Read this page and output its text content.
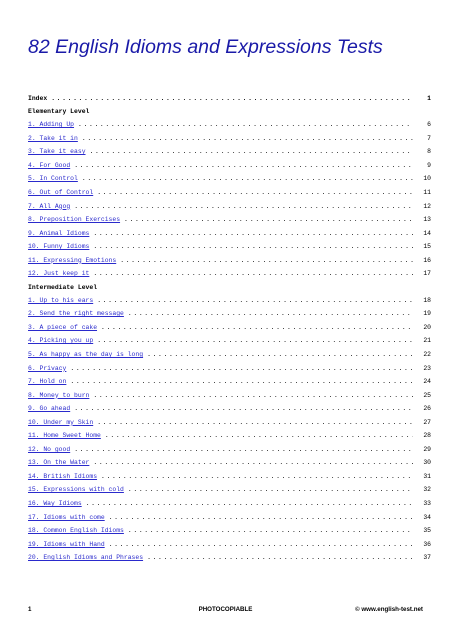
82 English Idioms and Expressions Tests
Index . . .	1
Elementary Level
1. Adding Up . . .	6
2. Take it in . . .	7
3. Take it easy . . .	8
4. For Good . . .	9
5. In Control . . .	10
6. Out of Control . . .	11
7. All Agog . . .	12
8. Preposition Exercises . . .	13
9. Animal Idioms . . .	14
10. Funny Idioms . . .	15
11. Expressing Emotions . . .	16
12. Just keep it . . .	17
Intermediate Level
1. Up to his ears . . .	18
2. Send the right message . . .	19
3. A piece of cake . . .	20
4. Picking you up . . .	21
5. As happy as the day is long . . .	22
6. Privacy . . .	23
7. Hold on . . .	24
8. Money to burn . . .	25
9. Go ahead . . .	26
10. Under my Skin . . .	27
11. Home Sweet Home . . .	28
12. No good . . .	29
13. On the Water . . .	30
14. British Idioms . . .	31
15. Expressions with cold . . .	32
16. Way Idioms . . .	33
17. Idioms with come . . .	34
18. Common English Idioms . . .	35
19. Idioms with Hand . . .	36
20. English Idioms and Phrases . . .	37
1	PHOTOCOPIABLE	© www.english-test.net
